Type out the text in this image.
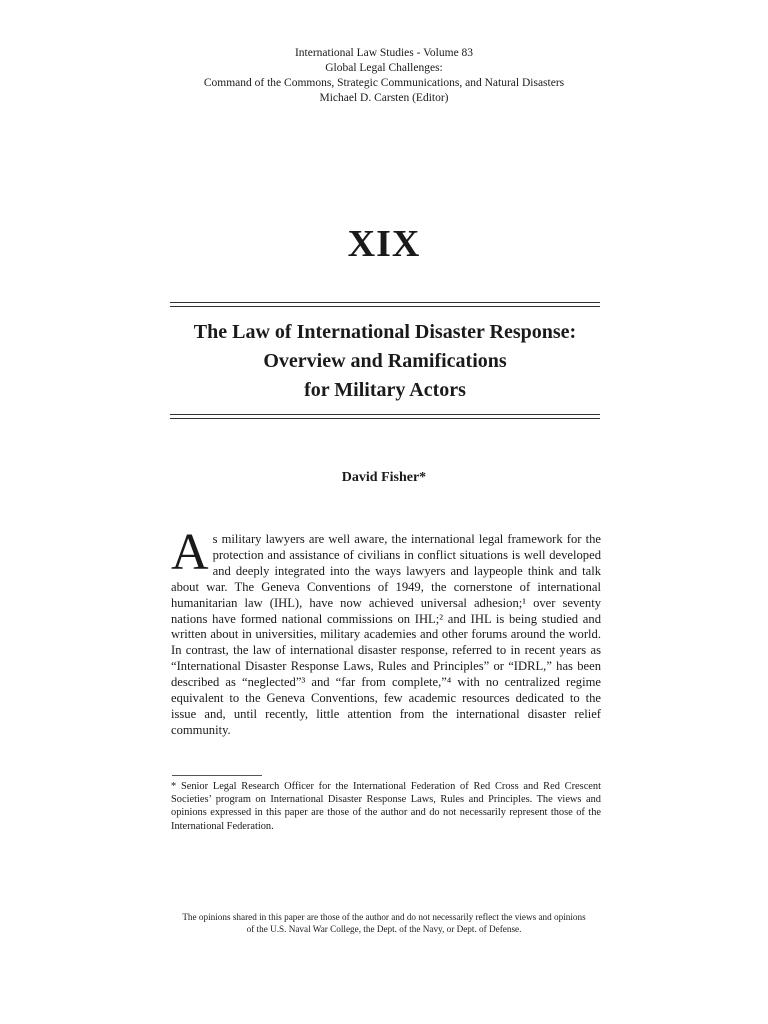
International Law Studies - Volume 83
Global Legal Challenges:
Command of the Commons, Strategic Communications, and Natural Disasters
Michael D. Carsten (Editor)
XIX
The Law of International Disaster Response:
Overview and Ramifications
for Military Actors
David Fisher*
As military lawyers are well aware, the international legal framework for the protection and assistance of civilians in conflict situations is well developed and deeply integrated into the ways lawyers and laypeople think and talk about war. The Geneva Conventions of 1949, the cornerstone of international humanitarian law (IHL), have now achieved universal adhesion;¹ over seventy nations have formed national commissions on IHL;² and IHL is being studied and written about in universities, military academies and other forums around the world. In contrast, the law of international disaster response, referred to in recent years as “International Disaster Response Laws, Rules and Principles” or “IDRL,” has been described as “neglected”³ and “far from complete,”⁴ with no centralized regime equivalent to the Geneva Conventions, few academic resources dedicated to the issue and, until recently, little attention from the international disaster relief community.
* Senior Legal Research Officer for the International Federation of Red Cross and Red Crescent Societies’ program on International Disaster Response Laws, Rules and Principles. The views and opinions expressed in this paper are those of the author and do not necessarily represent those of the International Federation.
The opinions shared in this paper are those of the author and do not necessarily reflect the views and opinions
of the U.S. Naval War College, the Dept. of the Navy, or Dept. of Defense.
